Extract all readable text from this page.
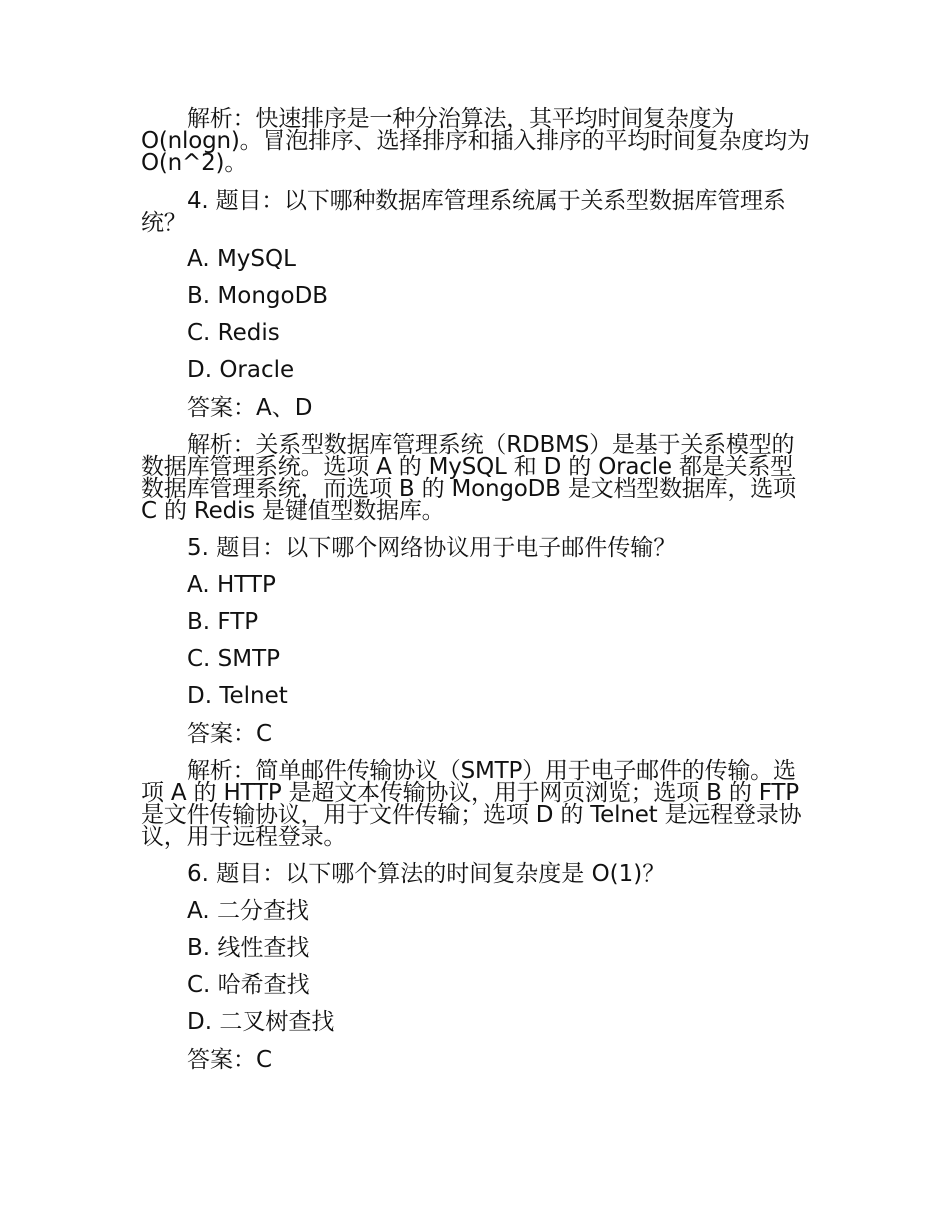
解析：快速排序是一种分治算法，其平均时间复杂度为 O(nlogn)。冒泡排序、选择排序和插入排序的平均时间复杂度均为 O(n^2)。
4. 题目：以下哪种数据库管理系统属于关系型数据库管理系统？
A. MySQL
B. MongoDB
C. Redis
D. Oracle
答案：A、D
解析：关系型数据库管理系统（RDBMS）是基于关系模型的数据库管理系统。选项 A 的 MySQL 和 D 的 Oracle 都是关系型数据库管理系统，而选项 B 的 MongoDB 是文档型数据库，选项 C 的 Redis 是键值型数据库。
5. 题目：以下哪个网络协议用于电子邮件传输？
A. HTTP
B. FTP
C. SMTP
D. Telnet
答案：C
解析：简单邮件传输协议（SMTP）用于电子邮件的传输。选项 A 的 HTTP 是超文本传输协议，用于网页浏览；选项 B 的 FTP 是文件传输协议，用于文件传输；选项 D 的 Telnet 是远程登录协议，用于远程登录。
6. 题目：以下哪个算法的时间复杂度是 O(1)？
A. 二分查找
B. 线性查找
C. 哈希查找
D. 二叉树查找
答案：C
